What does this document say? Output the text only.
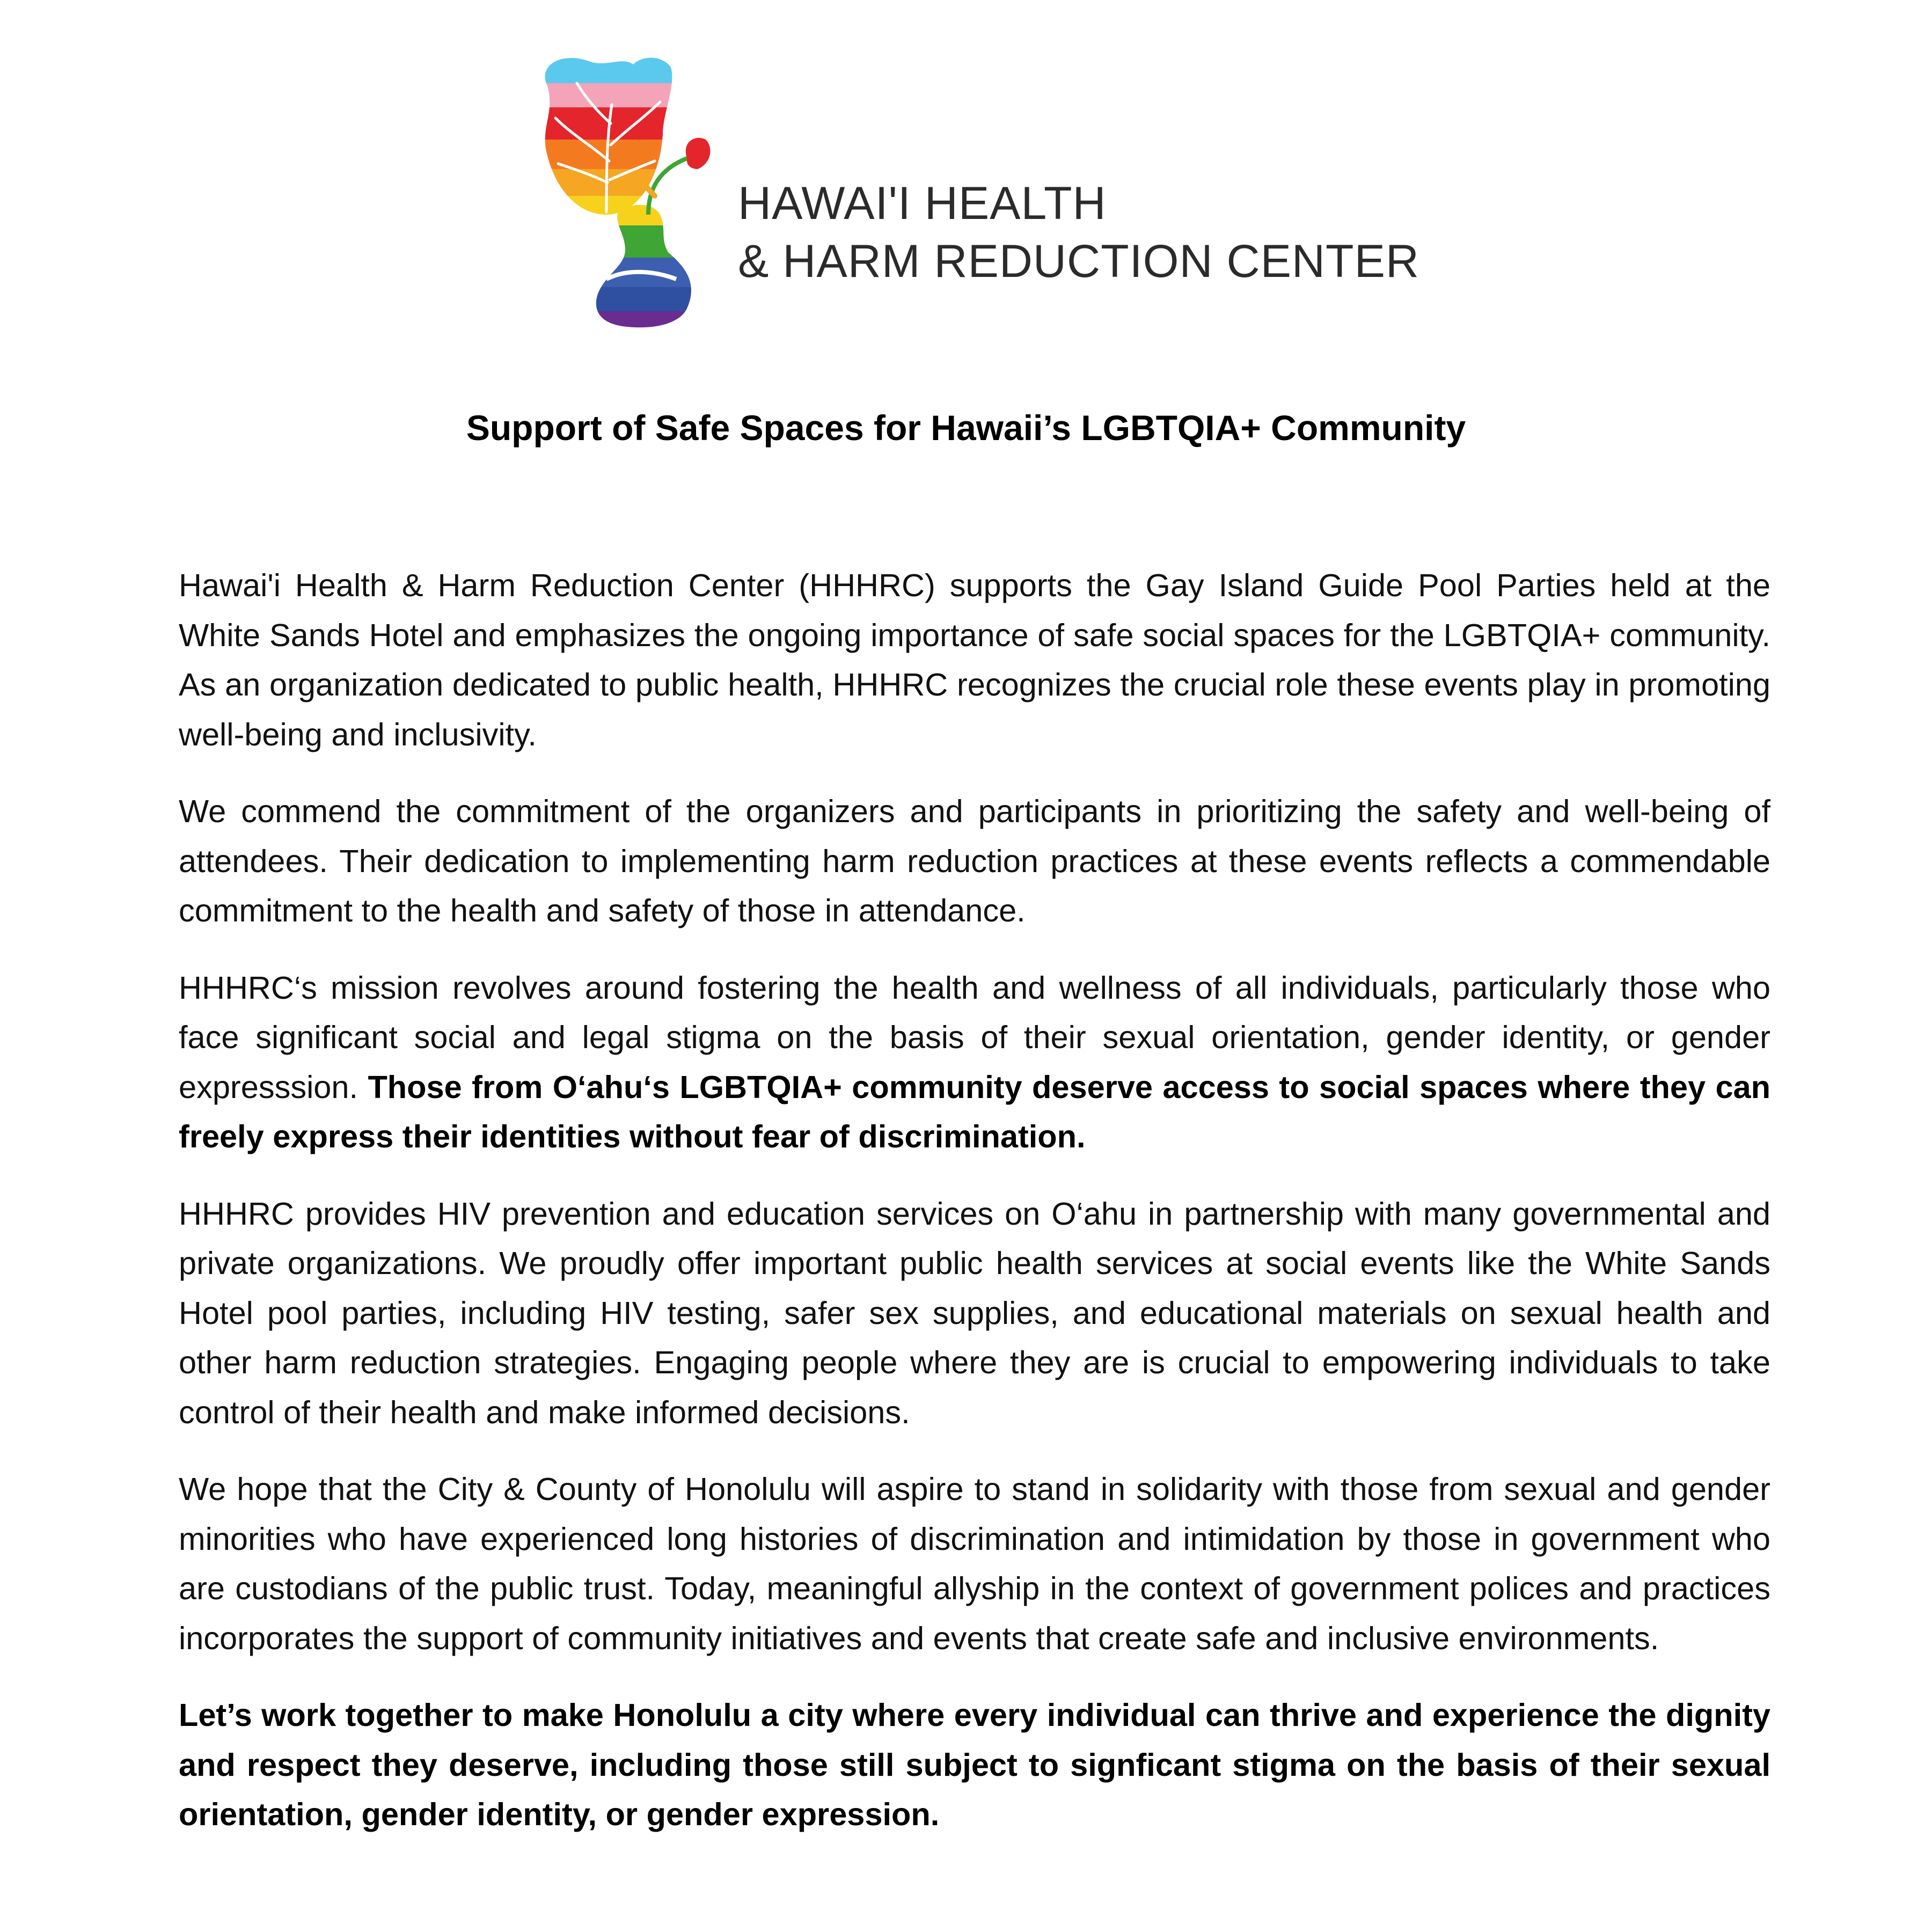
HAWAI'I HEALTH
& HARM REDUCTION CENTER
Support of Safe Spaces for Hawaii’s LGBTQIA+ Community

Hawai'i Health & Harm Reduction Center (HHHRC) supports the Gay Island Guide Pool Parties held at the White Sands Hotel and emphasizes the ongoing importance of safe social spaces for the LGBTQIA+ community. As an organization dedicated to public health, HHHRC recognizes the crucial role these events play in promoting well-being and inclusivity.

We commend the commitment of the organizers and participants in prioritizing the safety and well-being of attendees. Their dedication to implementing harm reduction practices at these events reflects a commendable commitment to the health and safety of those in attendance.

HHHRC‘s mission revolves around fostering the health and wellness of all individuals, particularly those who face significant social and legal stigma on the basis of their sexual orientation, gender identity, or gender expresssion. Those from O‘ahu‘s LGBTQIA+ community deserve access to social spaces where they can freely express their identities without fear of discrimination.

HHHRC provides HIV prevention and education services on O‘ahu in partnership with many governmental and private organizations. We proudly offer important public health services at social events like the White Sands Hotel pool parties, including HIV testing, safer sex supplies, and educational materials on sexual health and other harm reduction strategies. Engaging people where they are is crucial to empowering individuals to take control of their health and make informed decisions.

We hope that the City & County of Honolulu will aspire to stand in solidarity with those from sexual and gender minorities who have experienced long histories of discrimination and intimidation by those in government who are custodians of the public trust. Today, meaningful allyship in the context of government polices and practices incorporates the support of community initiatives and events that create safe and inclusive environments.

Let’s work together to make Honolulu a city where every individual can thrive and experience the dignity and respect they deserve, including those still subject to signficant stigma on the basis of their sexual orientation, gender identity, or gender expression.
